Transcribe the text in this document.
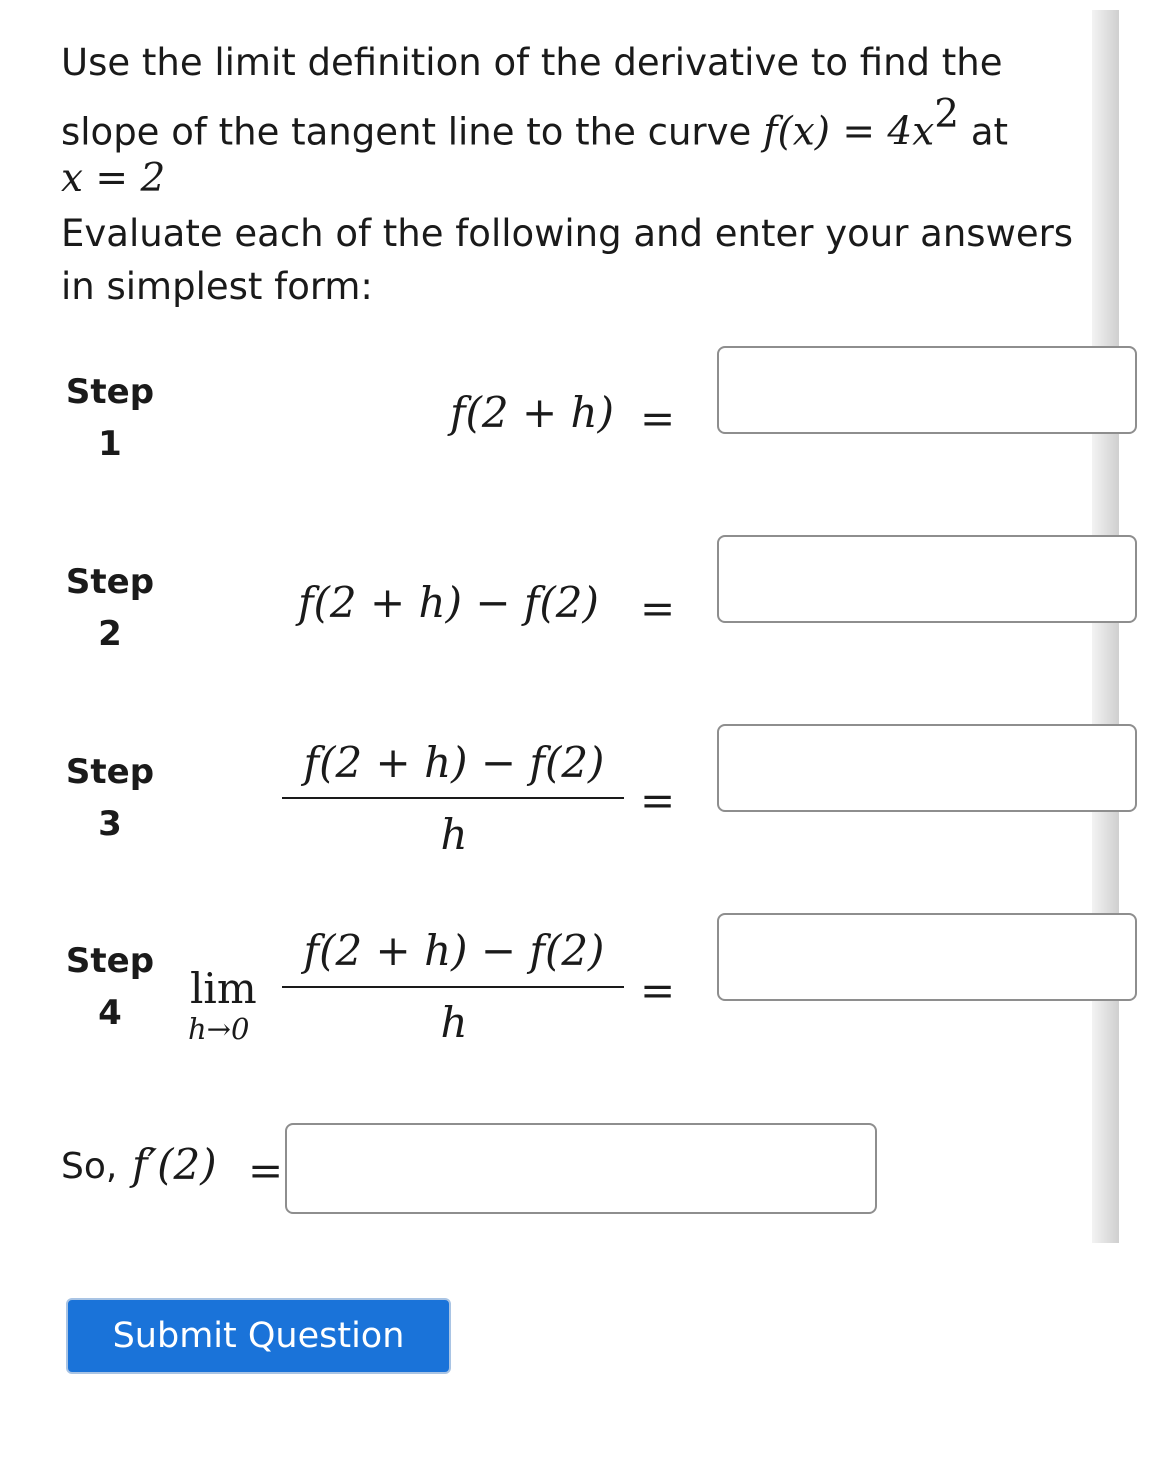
Use the limit definition of the derivative to find the
slope of the tangent line to the curve $f(x) = 4x^2$ at
x = 2
Evaluate each of the following and enter your answers
in simplest form:
Step
1
f(2 + h) =
Step
2
f(2 + h) − f(2) =
Step
3
f(2 + h) − f(2)
h
=
Step
4	lim
h→0
f(2 + h) − f(2)
h
=
So, f′(2) =
Submit Question
